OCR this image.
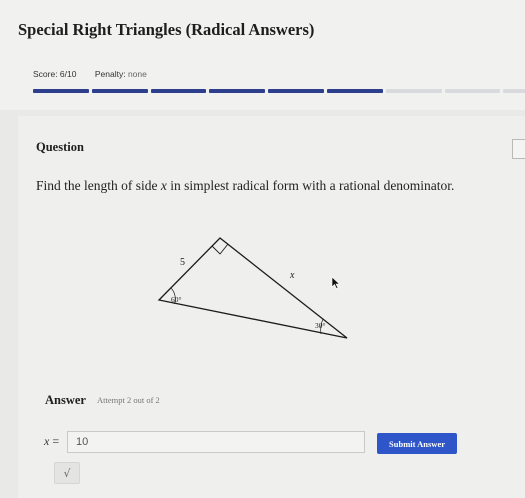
Special Right Triangles (Radical Answers)
Score: 6/10 Penalty: none
Question
Find the length of side x in simplest radical form with a rational denominator.
5
x
60°
30°
Answer Attempt 2 out of 2
x =	10	Submit Answer
√
